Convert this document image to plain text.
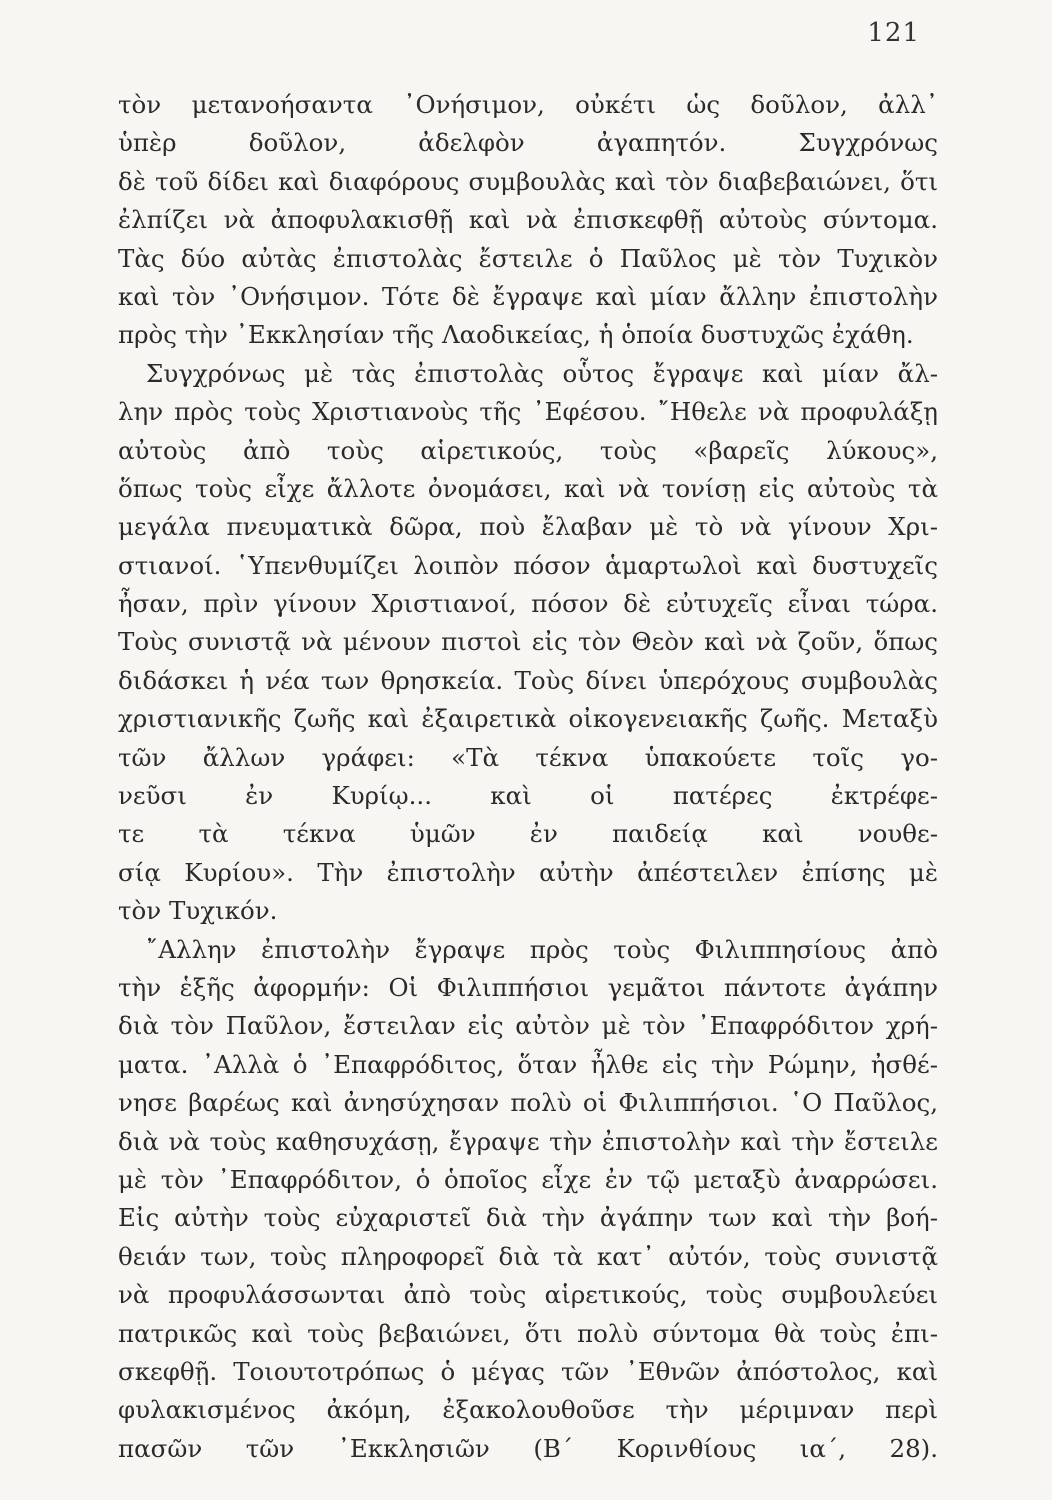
121
τὸν μετανοήσαντα ᾿Ονήσιμον, οὐκέτι ὡς δοῦλον, ἀλλ᾿
ὑπὲρ δοῦλον, ἀδελφὸν ἀγαπητόν. Συγχρόνως
δὲ τοῦ δίδει καὶ διαφόρους συμβουλὰς καὶ τὸν διαβεβαιώνει, ὅτι
ἐλπίζει νὰ ἀποφυλακισθῇ καὶ νὰ ἐπισκεφθῇ αὐτοὺς σύντομα.
Τὰς δύο αὐτὰς ἐπιστολὰς ἔστειλε ὁ Παῦλος μὲ τὸν Τυχικὸν
καὶ τὸν ᾿Ονήσιμον. Τότε δὲ ἔγραψε καὶ μίαν ἄλλην ἐπιστολὴν
πρὸς τὴν ᾿Εκκλησίαν τῆς Λαοδικείας, ἡ ὁποία δυστυχῶς ἐχάθη.
Συγχρόνως μὲ τὰς ἐπιστολὰς οὗτος ἔγραψε καὶ μίαν ἄλ-
λην πρὸς τοὺς Χριστιανοὺς τῆς ᾿Εφέσου. ῎Ηθελε νὰ προφυλάξῃ
αὐτοὺς ἀπὸ τοὺς αἱρετικούς, τοὺς «βαρεῖς λύκους»,
ὅπως τοὺς εἶχε ἄλλοτε ὀνομάσει, καὶ νὰ τονίσῃ εἰς αὐτοὺς τὰ
μεγάλα πνευματικὰ δῶρα, ποὺ ἔλαβαν μὲ τὸ νὰ γίνουν Χρι-
στιανοί. ῾Υπενθυμίζει λοιπὸν πόσον ἁμαρτωλοὶ καὶ δυστυχεῖς
ἦσαν, πρὶν γίνουν Χριστιανοί, πόσον δὲ εὐτυχεῖς εἶναι τώρα.
Τοὺς συνιστᾷ νὰ μένουν πιστοὶ εἰς τὸν Θεὸν καὶ νὰ ζοῦν, ὅπως
διδάσκει ἡ νέα των θρησκεία. Τοὺς δίνει ὑπερόχους συμβουλὰς
χριστιανικῆς ζωῆς καὶ ἐξαιρετικὰ οἰκογενειακῆς ζωῆς. Μεταξὺ
τῶν ἄλλων γράφει: «Τὰ τέκνα ὑπακούετε τοῖς γο-
νεῦσι ἐν Κυρίῳ... καὶ οἱ πατέρες ἐκτρέφε-
τε τὰ τέκνα ὑμῶν ἐν παιδείᾳ καὶ νουθε-
σίᾳ Κυρίου». Τὴν ἐπιστολὴν αὐτὴν ἀπέστειλεν ἐπίσης μὲ
τὸν Τυχικόν.
῎Αλλην ἐπιστολὴν ἔγραψε πρὸς τοὺς Φιλιππησίους ἀπὸ
τὴν ἑξῆς ἀφορμήν: Οἱ Φιλιππήσιοι γεμᾶτοι πάντοτε ἀγάπην
διὰ τὸν Παῦλον, ἔστειλαν εἰς αὐτὸν μὲ τὸν ᾿Επαφρόδιτον χρή-
ματα. ᾿Αλλὰ ὁ ᾿Επαφρόδιτος, ὅταν ἦλθε εἰς τὴν Ρώμην, ἠσθέ-
νησε βαρέως καὶ ἀνησύχησαν πολὺ οἱ Φιλιππήσιοι. ῾Ο Παῦλος,
διὰ νὰ τοὺς καθησυχάσῃ, ἔγραψε τὴν ἐπιστολὴν καὶ τὴν ἔστειλε
μὲ τὸν ᾿Επαφρόδιτον, ὁ ὁποῖος εἶχε ἐν τῷ μεταξὺ ἀναρρώσει.
Εἰς αὐτὴν τοὺς εὐχαριστεῖ διὰ τὴν ἀγάπην των καὶ τὴν βοή-
θειάν των, τοὺς πληροφορεῖ διὰ τὰ κατ᾿ αὐτόν, τοὺς συνιστᾷ
νὰ προφυλάσσωνται ἀπὸ τοὺς αἱρετικούς, τοὺς συμβουλεύει
πατρικῶς καὶ τοὺς βεβαιώνει, ὅτι πολὺ σύντομα θὰ τοὺς ἐπι-
σκεφθῇ. Τοιουτοτρόπως ὁ μέγας τῶν ᾿Εθνῶν ἀπόστολος, καὶ
φυλακισμένος ἀκόμη, ἐξακολουθοῦσε τὴν μέριμναν περὶ
πασῶν τῶν ᾿Εκκλησιῶν (Β΄ Κορινθίους ια΄, 28).
